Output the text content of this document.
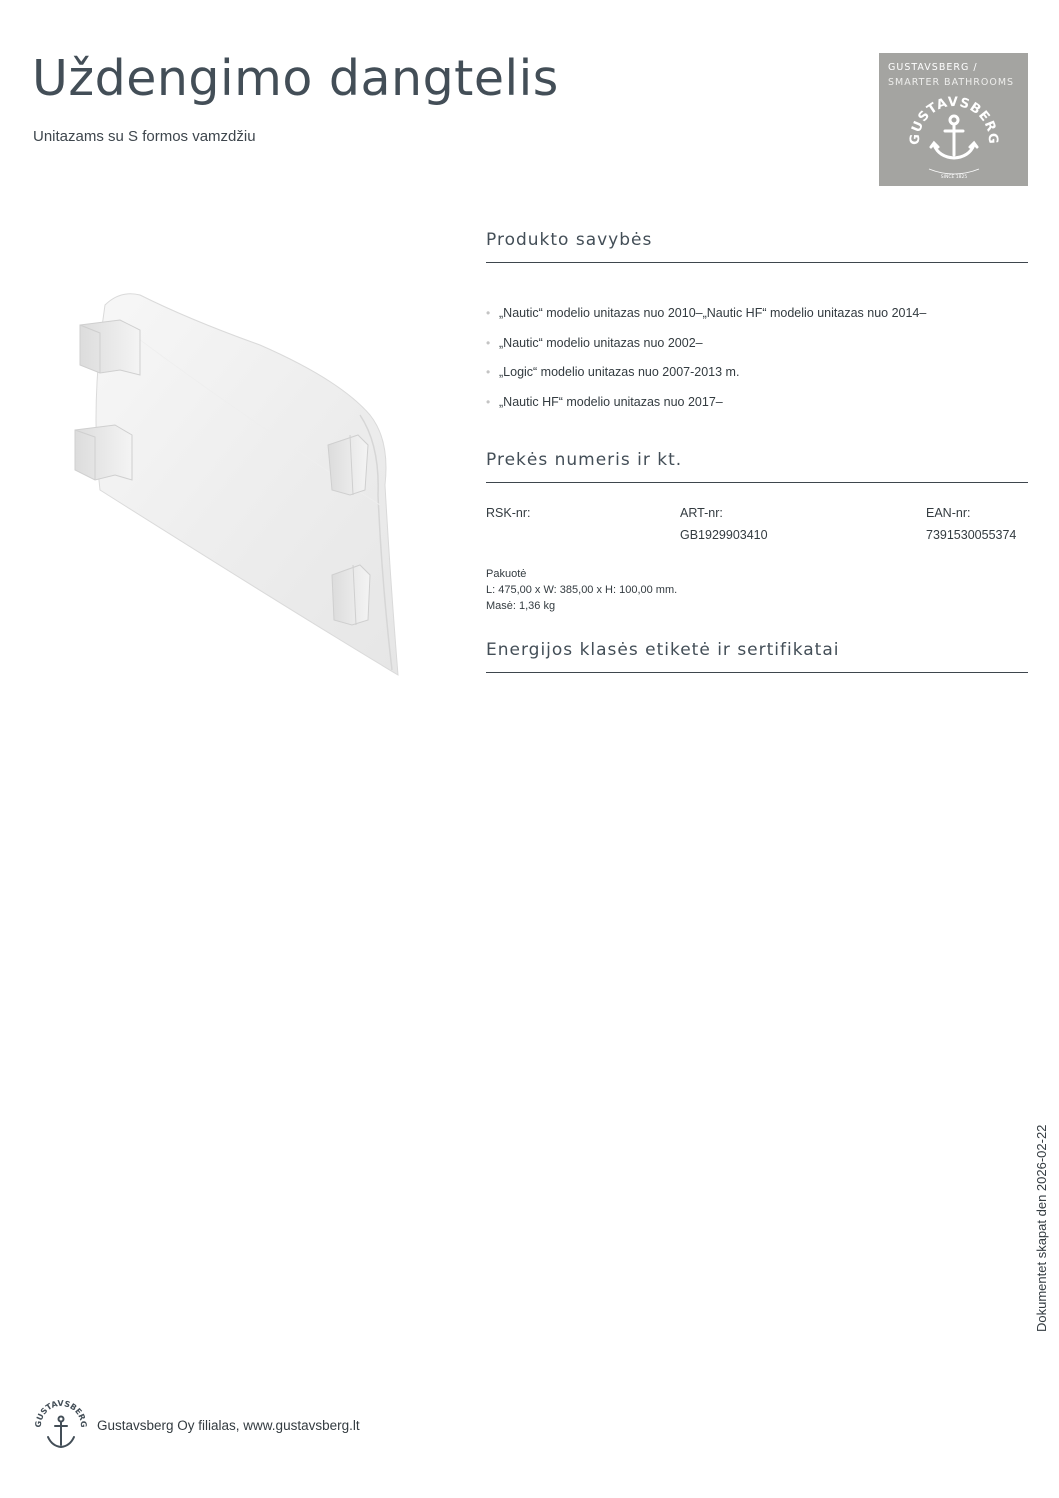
Uždengimo dangtelis
Unitazams su S formos vamzdžiu
GUSTAVSBERG /
SMARTER BATHROOMS
GUSTAVSBERG
SINCE 1825
Produkto savybės
• „Nautic“ modelio unitazas nuo 2010–„Nautic HF“ modelio unitazas nuo 2014–
• „Nautic“ modelio unitazas nuo 2002–
• „Logic“ modelio unitazas nuo 2007-2013 m.
• „Nautic HF“ modelio unitazas nuo 2017–
Prekės numeris ir kt.
RSK-nr:	ART-nr:
GB1929903410
EAN-nr:
7391530055374
Pakuotė
L: 475,00 x W: 385,00 x H: 100,00 mm.
Masė: 1,36 kg
Energijos klasės etiketė ir sertifikatai
Dokumentet skapat den 2026-02-22
GUSTAVSBERG Gustavsberg Oy filialas, www.gustavsberg.lt
